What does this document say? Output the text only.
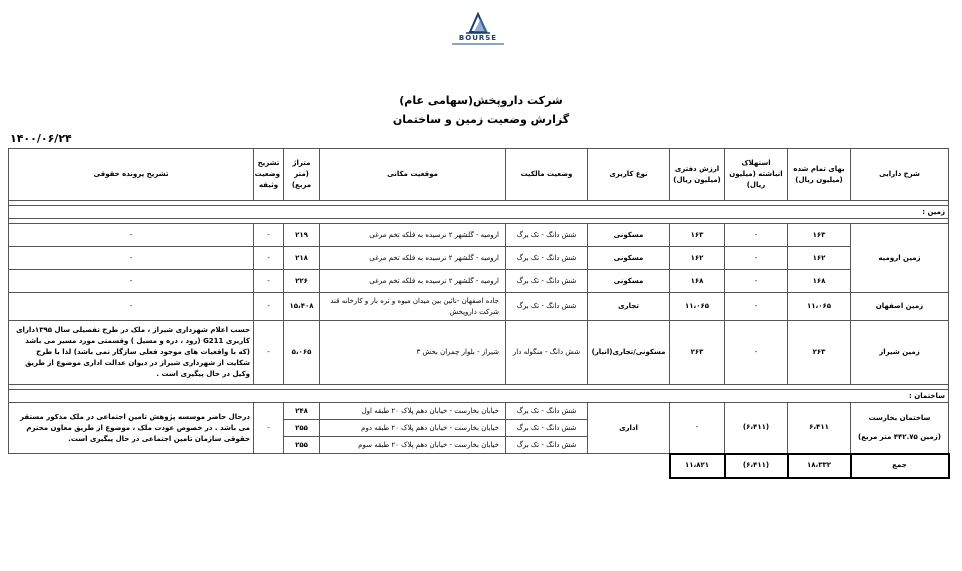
BOURSE
شرکت داروپخش(سهامی عام)
گزارش وضعیت زمین و ساختمان
۱۴۰۰/۰۶/۲۴
شرح دارایی	بهای تمام شده (میلیون ریال)	استهلاک انباشته (میلیون ریال)	ارزش دفتری (میلیون ریال)	نوع کاربری	وضعیت مالکیت	موقعیت مکانی	متراژ (متر مربع)	تشریح وضعیت وثیقه	تشریح پرونده حقوقی

زمین :									

زمین ارومیه	۱۶۳	-	۱۶۳	مسکونی	شش دانگ - تک برگ	ارومیه - گلشهر ۲ نرسیده به فلکه تخم مرغی	۲۱۹	-	-
	۱۶۲	-	۱۶۲	مسکونی	شش دانگ - تک برگ	ارومیه - گلشهر ۲ نرسیده به فلکه تخم مرغی	۲۱۸	-	-
	۱۶۸	-	۱۶۸	مسکونی	شش دانگ - تک برگ	ارومیه - گلشهر ۲ نرسیده به فلکه تخم مرغی	۲۲۶	-	-
زمین اصفهان	۱۱،۰۶۵	-	۱۱،۰۶۵	تجاری	شش دانگ - تک برگ	جاده اصفهان -نائین بین میدان میوه و تره بار و کارخانه قند شرکت داروپخش	۱۵،۴۰۸	-	-
زمین شیراز	۲۶۳	-	۲۶۳	مسکونی/تجاری(انبار)	شش دانگ - منگوله دار	شیراز - بلوار چمران بخش ۳	۵،۰۶۵	-	حسب اعلام شهرداری شیراز ، ملک در طرح تفصیلی سال ۱۳۹۵دارای کاربری G211 (رود ، دره و مسیل ) وقسمتی مورد مسیر می باشد (که با واقعیات های موجود فعلی سازگار نمی باشد) لذا با طرح شکایت از شهرداری شیراز در دیوان عدالت اداری موضوع از طریق وکیل در حال پیگیری است .

ساختمان :									

ساختمان بخارست
(زمین ۴۴۲.۷۵ متر مربع)	۶،۴۱۱	(۶،۴۱۱)	-	اداری	شش دانگ - تک برگ	خیابان بخارست - خیابان دهم پلاک ۲۰ طبقه اول	۲۴۸	-	درحال حاضر موسسه پژوهش تامین اجتماعی در ملک مذکور مستقر می باشد . در خصوص عودت ملک ، موضوع از طریق معاون محترم حقوقی سازمان تامین اجتماعی در حال پیگیری است.
					شش دانگ - تک برگ	خیابان بخارست - خیابان دهم پلاک ۲۰ طبقه دوم	۲۵۵		
					شش دانگ - تک برگ	خیابان بخارست - خیابان دهم پلاک ۲۰ طبقه سوم	۲۵۵		
جمع	۱۸،۳۳۲	(۶،۴۱۱)	۱۱،۸۲۱						
